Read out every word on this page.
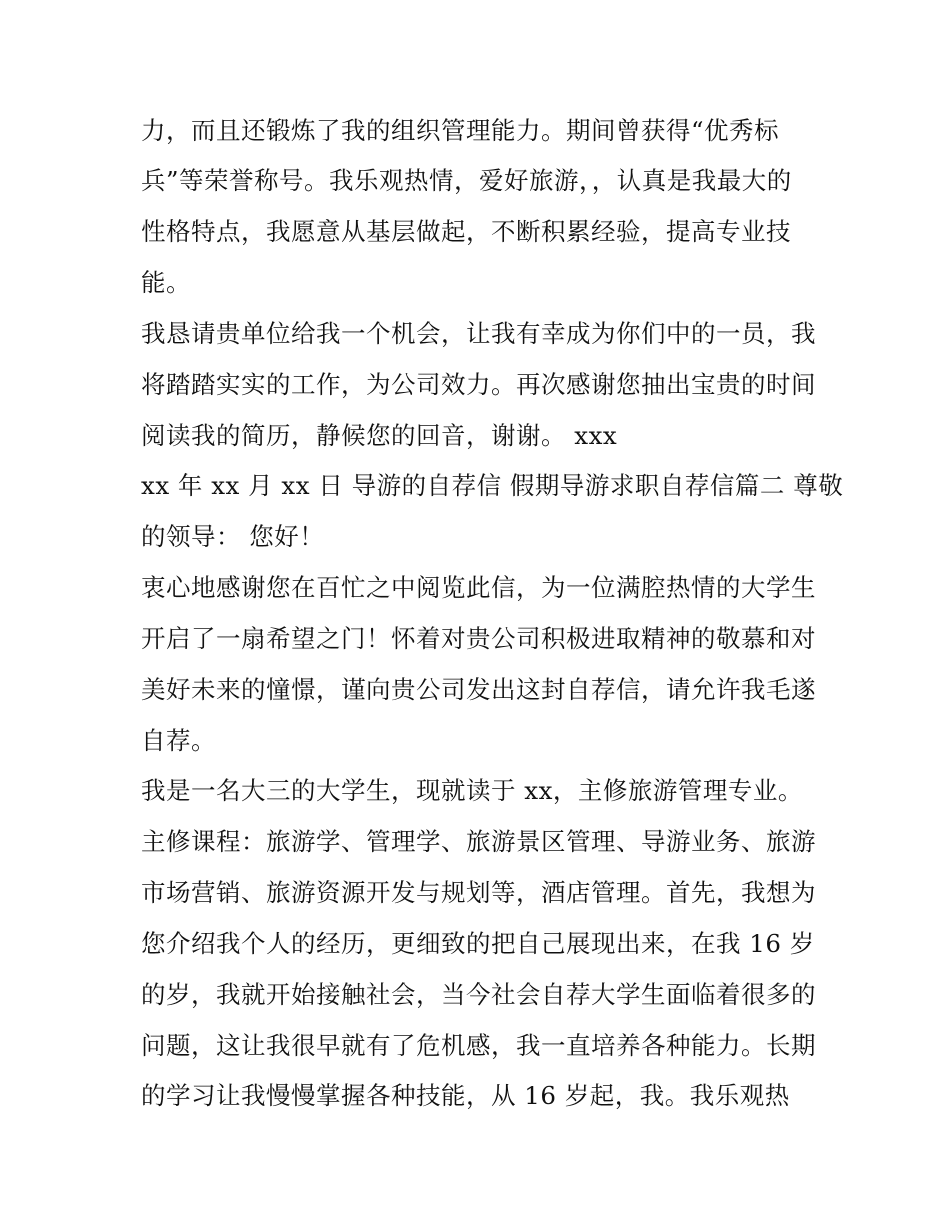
力，而且还锻炼了我的组织管理能力。期间曾获得“优秀标
兵”等荣誉称号。我乐观热情，爱好旅游，，认真是我最大的
性格特点，我愿意从基层做起，不断积累经验，提高专业技
能。
我恳请贵单位给我一个机会，让我有幸成为你们中的一员，我
将踏踏实实的工作，为公司效力。再次感谢您抽出宝贵的时间
阅读我的简历，静候您的回音，谢谢。 xxx
xx 年 xx 月 xx 日 导游的自荐信 假期导游求职自荐信篇二 尊敬
的领导： 您好！
衷心地感谢您在百忙之中阅览此信，为一位满腔热情的大学生
开启了一扇希望之门！怀着对贵公司积极进取精神的敬慕和对
美好未来的憧憬，谨向贵公司发出这封自荐信，请允许我毛遂
自荐。
我是一名大三的大学生，现就读于 xx，主修旅游管理专业。
主修课程：旅游学、管理学、旅游景区管理、导游业务、旅游
市场营销、旅游资源开发与规划等，酒店管理。首先，我想为
您介绍我个人的经历，更细致的把自己展现出来，在我 16 岁
的岁，我就开始接触社会，当今社会自荐大学生面临着很多的
问题，这让我很早就有了危机感，我一直培养各种能力。长期
的学习让我慢慢掌握各种技能，从 16 岁起，我。我乐观热
